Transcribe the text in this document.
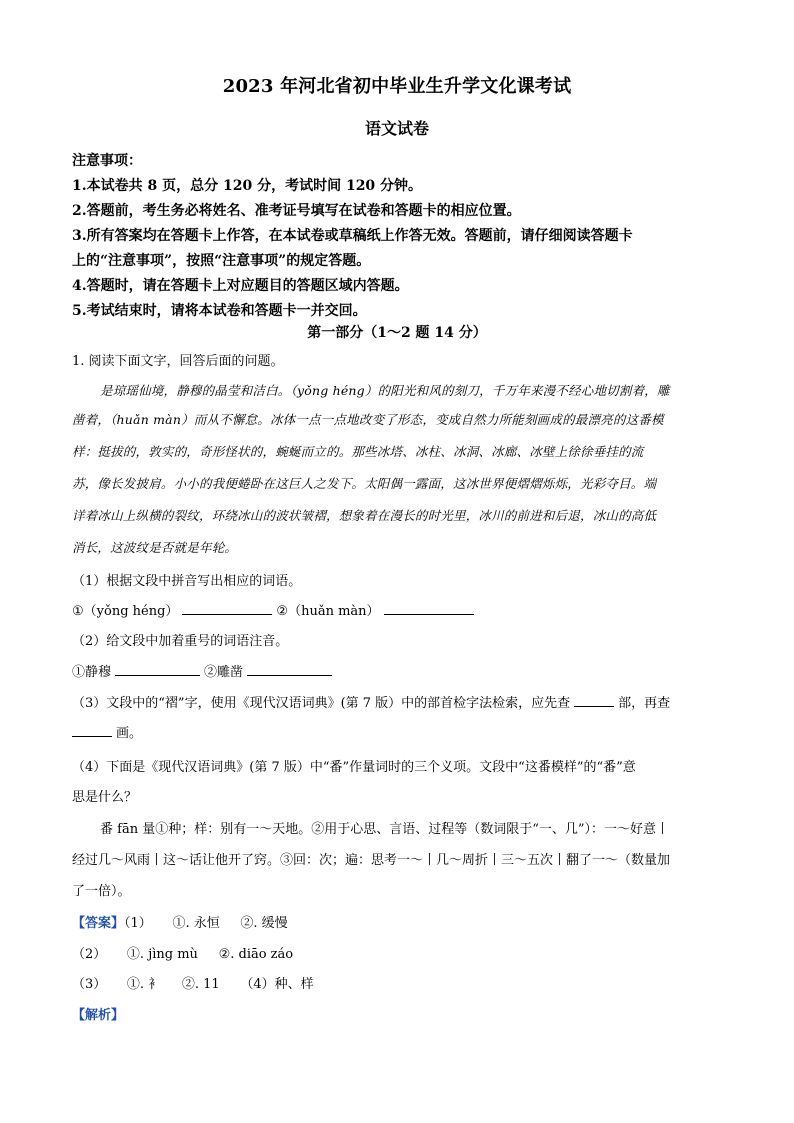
2023 年河北省初中毕业生升学文化课考试
语文试卷
注意事项：
1.本试卷共 8 页，总分 120 分，考试时间 120 分钟。
2.答题前，考生务必将姓名、准考证号填写在试卷和答题卡的相应位置。
3.所有答案均在答题卡上作答，在本试卷或草稿纸上作答无效。答题前，请仔细阅读答题卡
上的“注意事项”，按照“注意事项”的规定答题。
4.答题时，请在答题卡上对应题目的答题区域内答题。
5.考试结束时，请将本试卷和答题卡一并交回。
第一部分（1～2 题 14 分）
1. 阅读下面文字，回答后面的问题。
是琼瑶仙境，静穆的晶莹和洁白。（yǒng héng）的阳光和风的刻刀，千万年来漫不经心地切割着，雕
凿着，（huǎn màn）而从不懈怠。冰体一点一点地改变了形态，变成自然力所能刻画成的最漂亮的这番模
样：挺拔的，敦实的，奇形怪状的，蜿蜒而立的。那些冰塔、冰柱、冰洞、冰廊、冰壁上徐徐垂挂的流
苏，像长发披肩。小小的我便蜷卧在这巨人之发下。太阳偶一露面，这冰世界便熠熠烁烁，光彩夺目。端
详着冰山上纵横的裂纹，环绕冰山的波状皱褶，想象着在漫长的时光里，冰川的前进和后退，冰山的高低
消长，这波纹是否就是年轮。
（1）根据文段中拼音写出相应的词语。
①（yǒng héng）	②（huǎn màn）
（2）给文段中加着重号的词语注音。
①静穆	②雕凿
（3）文段中的“褶”字，使用《现代汉语词典》(第 7 版）中的部首检字法检索，应先查	部，再查
画。
（4）下面是《现代汉语词典》(第 7 版）中“番”作量词时的三个义项。文段中“这番模样”的“番”意
思是什么？
番 fān 量①种；样：别有一～天地。②用于心思、言语、过程等（数词限于“一、几”）：一～好意丨
经过几～风雨丨这～话让他开了窍。③回：次；遍：思考一～丨几～周折丨三～五次丨翻了一～（数量加
了一倍）。
【答案】（1）     ①. 永恒     ②. 缓慢
（2）     ①. jìng mù     ②. diāo záo
（3）     ①. 衤     ②. 11     （4）种、样
【解析】
